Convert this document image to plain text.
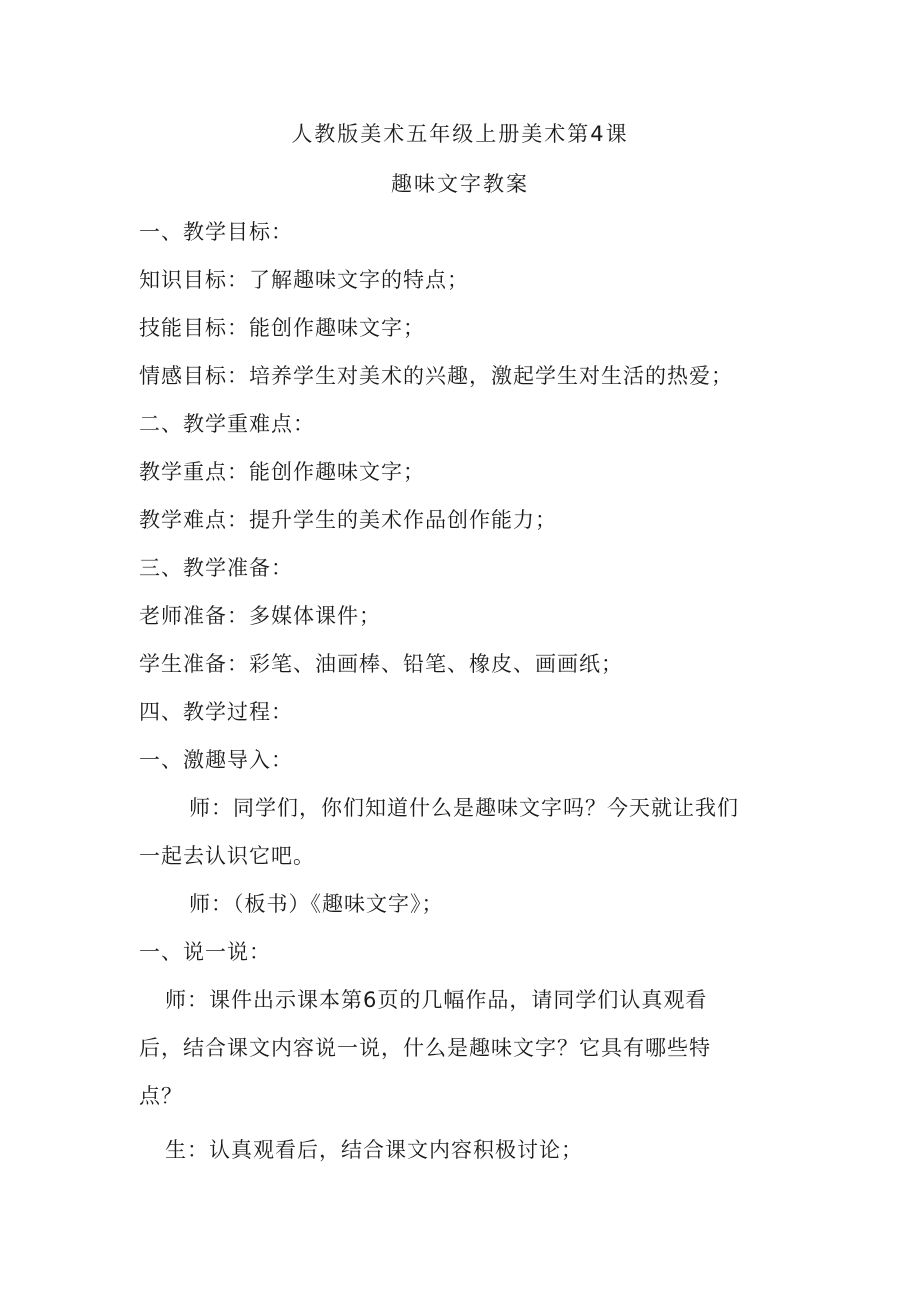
人教版美术五年级上册美术第4课
趣味文字教案
一、教学目标：
知识目标：了解趣味文字的特点；
技能目标：能创作趣味文字；
情感目标：培养学生对美术的兴趣，激起学生对生活的热爱；
二、教学重难点：
教学重点：能创作趣味文字；
教学难点：提升学生的美术作品创作能力；
三、教学准备：
老师准备：多媒体课件；
学生准备：彩笔、油画棒、铅笔、橡皮、画画纸；
四、教学过程：
一、激趣导入：
师：同学们，你们知道什么是趣味文字吗？今天就让我们
一起去认识它吧。
师：（板书）《趣味文字》；
一、说一说：
师：课件出示课本第6页的几幅作品，请同学们认真观看
后，结合课文内容说一说，什么是趣味文字？它具有哪些特
点？
生：认真观看后，结合课文内容积极讨论；
